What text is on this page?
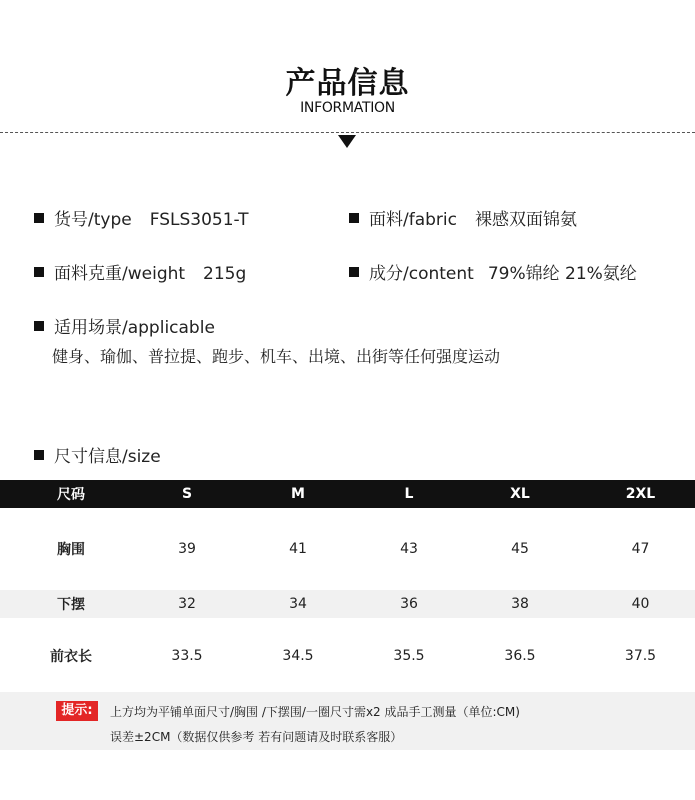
产品信息
INFORMATION
货号/type FSLS3051-T	面料/fabric 裸感双面锦氨
面料克重/weight 215g	成分/content 79%锦纶 21%氨纶
适用场景/applicable
健身、瑜伽、普拉提、跑步、机车、出境、出街等任何强度运动
尺寸信息/size
尺码	S	M	L	XL	2XL
胸围	39	41	43	45	47
下摆	32	34	36	38	40
前衣长	33.5	34.5	35.5	36.5	37.5
提示:	上方均为平铺单面尺寸/胸围 /下摆围/一圈尺寸需x2 成品手工测量（单位:CM)
误差±2CM（数据仅供参考 若有问题请及时联系客服）
